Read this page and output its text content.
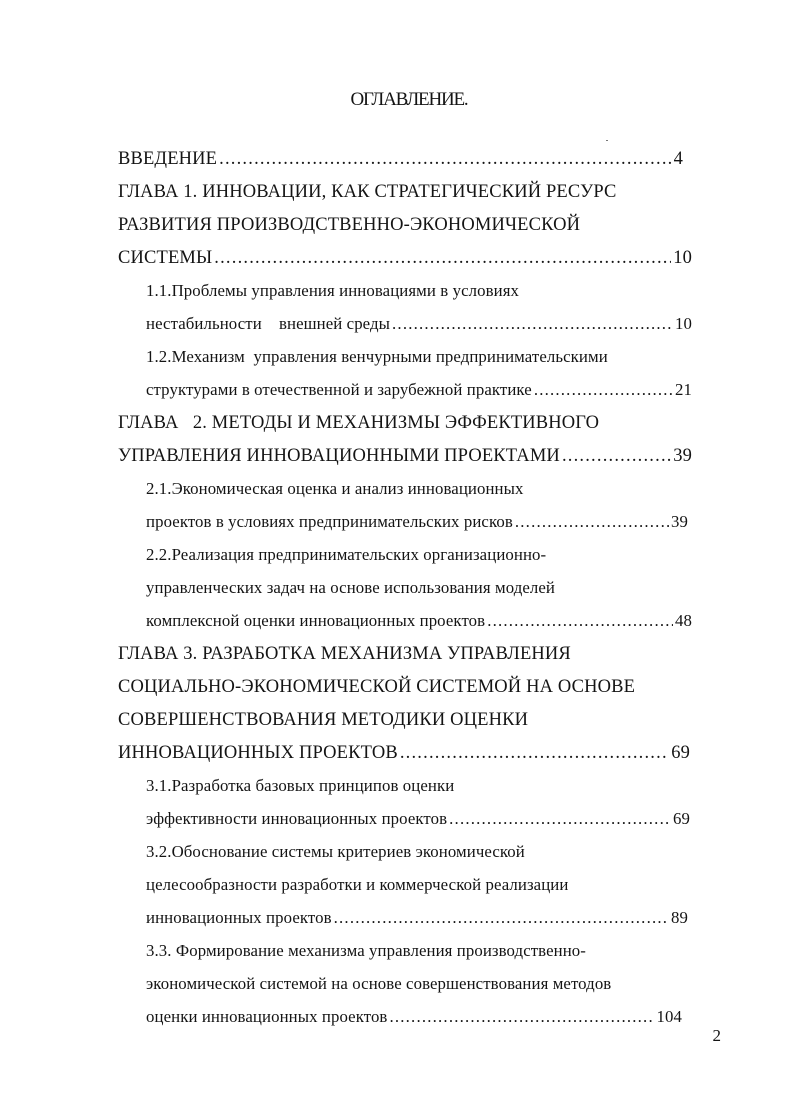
ОГЛАВЛЕНИЕ.
ВВЕДЕНИЕ .....	4
ГЛАВА 1. ИННОВАЦИИ, КАК СТРАТЕГИЧЕСКИЙ РЕСУРС
РАЗВИТИЯ ПРОИЗВОДСТВЕННО-ЭКОНОМИЧЕСКОЙ
СИСТЕМЫ .....	10
1.1.Проблемы управления инновациями в условиях
нестабильности    внешней среды .....	10
1.2.Механизм  управления венчурными предпринимательскими
структурами в отечественной и зарубежной практике .....	21
ГЛАВА   2. МЕТОДЫ И МЕХАНИЗМЫ ЭФФЕКТИВНОГО
УПРАВЛЕНИЯ ИННОВАЦИОННЫМИ ПРОЕКТАМИ .....	39
2.1.Экономическая оценка и анализ инновационных
проектов в условиях предпринимательских рисков .....	39
2.2.Реализация предпринимательских организационно-
управленческих задач на основе использования моделей
комплексной оценки инновационных проектов .....	48
ГЛАВА 3. РАЗРАБОТКА МЕХАНИЗМА УПРАВЛЕНИЯ
СОЦИАЛЬНО-ЭКОНОМИЧЕСКОЙ СИСТЕМОЙ НА ОСНОВЕ
СОВЕРШЕНСТВОВАНИЯ МЕТОДИКИ ОЦЕНКИ
ИННОВАЦИОННЫХ ПРОЕКТОВ .....	69
3.1.Разработка базовых принципов оценки
эффективности инновационных проектов .....	69
3.2.Обоснование системы критериев экономической
целесообразности разработки и коммерческой реализации
инновационных проектов .....	89
3.3. Формирование механизма управления производственно-
экономической системой на основе совершенствования методов
оценки инновационных проектов .....	104
2
